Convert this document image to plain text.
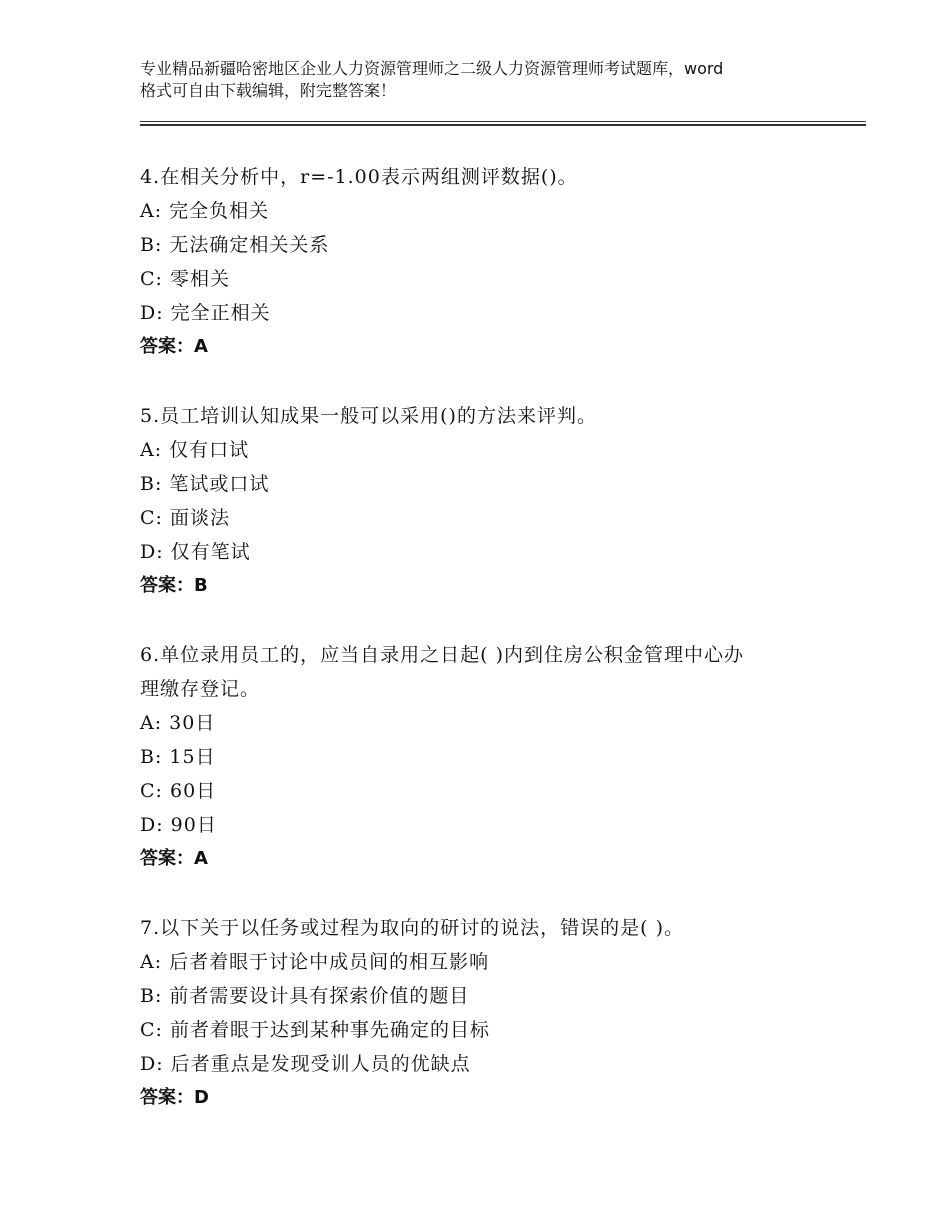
专业精品新疆哈密地区企业人力资源管理师之二级人力资源管理师考试题库，word
格式可自由下载编辑，附完整答案！
4.在相关分析中，r=-1.00表示两组测评数据()。
A: 完全负相关
B: 无法确定相关关系
C: 零相关
D: 完全正相关
答案：A
5.员工培训认知成果一般可以采用()的方法来评判。
A: 仅有口试
B: 笔试或口试
C: 面谈法
D: 仅有笔试
答案：B
6.单位录用员工的，应当自录用之日起( )内到住房公积金管理中心办
理缴存登记。
A: 30日
B: 15日
C: 60日
D: 90日
答案：A
7.以下关于以任务或过程为取向的研讨的说法，错误的是( )。
A: 后者着眼于讨论中成员间的相互影响
B: 前者需要设计具有探索价值的题目
C: 前者着眼于达到某种事先确定的目标
D: 后者重点是发现受训人员的优缺点
答案：D
